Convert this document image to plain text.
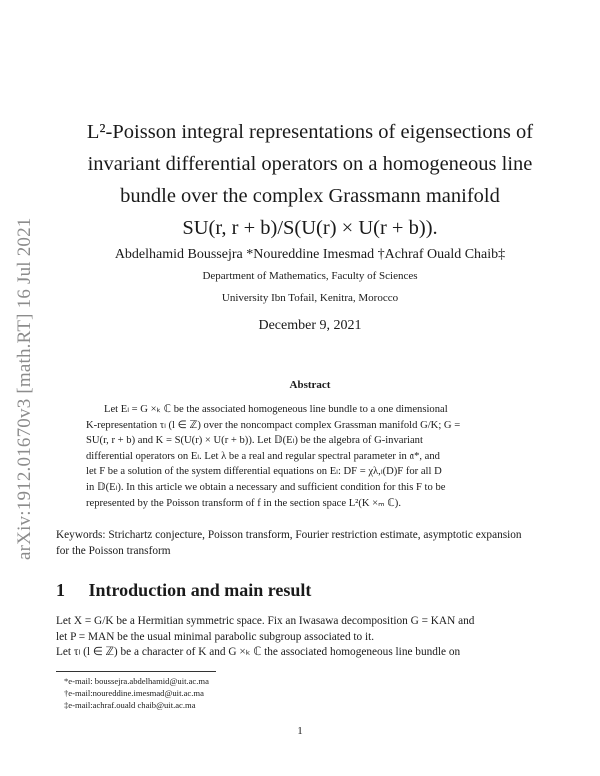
arXiv:1912.01670v3 [math.RT] 16 Jul 2021
L²-Poisson integral representations of eigensections of
invariant differential operators on a homogeneous line
bundle over the complex Grassmann manifold
SU(r, r + b)/S(U(r) × U(r + b)).
Abdelhamid Boussejra *Noureddine Imesmad †Achraf Ouald Chaib‡
Department of Mathematics, Faculty of Sciences
University Ibn Tofail, Kenitra, Morocco
December 9, 2021
Abstract
Let Eₗ = G ×ₖ ℂ be the associated homogeneous line bundle to a one dimensional
K-representation τₗ (l ∈ ℤ) over the noncompact complex Grassman manifold G/K; G =
SU(r, r + b) and K = S(U(r) × U(r + b)). Let 𝔻(Eₗ) be the algebra of G-invariant
differential operators on Eₗ. Let λ be a real and regular spectral parameter in 𝔞*, and
let F be a solution of the system differential equations on Eₗ: DF = χλ,ₗ(D)F for all D
in 𝔻(Eₗ). In this article we obtain a necessary and sufficient condition for this F to be
represented by the Poisson transform of f in the section space L²(K ×ₘ ℂ).
Keywords: Strichartz conjecture, Poisson transform, Fourier restriction estimate, asymptotic expansion for the Poisson transform
1 Introduction and main result
Let X = G/K be a Hermitian symmetric space. Fix an Iwasawa decomposition G = KAN and
let P = MAN be the usual minimal parabolic subgroup associated to it.
Let τₗ (l ∈ ℤ) be a character of K and G ×ₖ ℂ the associated homogeneous line bundle on
*e-mail: boussejra.abdelhamid@uit.ac.ma
†e-mail:noureddine.imesmad@uit.ac.ma
‡e-mail:achraf.ouald chaib@uit.ac.ma
1
